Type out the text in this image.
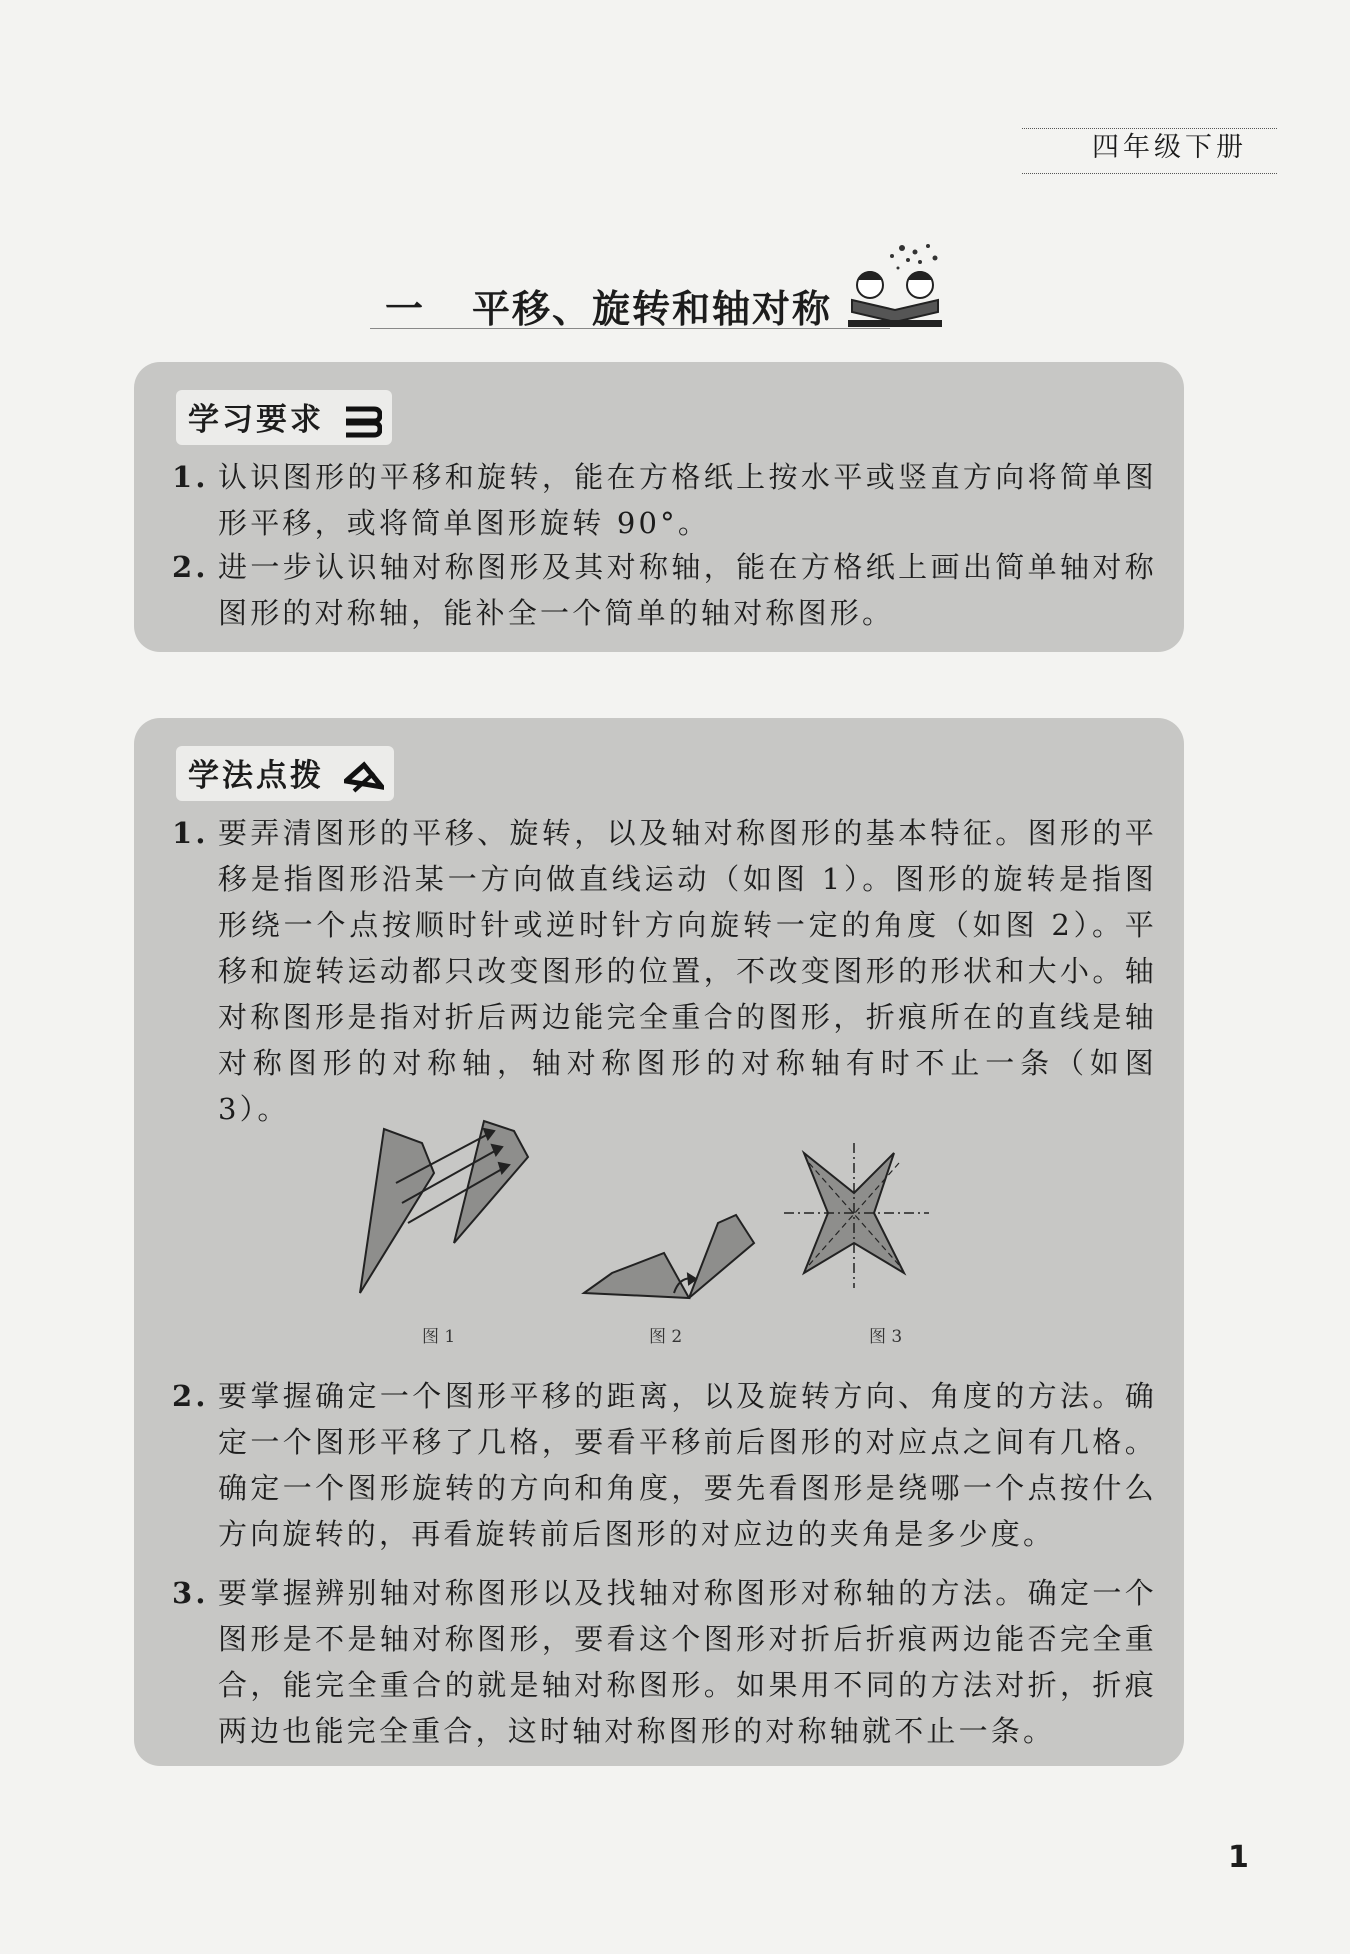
四年级下册
一 平移、旋转和轴对称
学习要求
1. 认识图形的平移和旋转，能在方格纸上按水平或竖直方向将简单图形平移，或将简单图形旋转 90°。
2. 进一步认识轴对称图形及其对称轴，能在方格纸上画出简单轴对称图形的对称轴，能补全一个简单的轴对称图形。
学法点拨
1. 要弄清图形的平移、旋转，以及轴对称图形的基本特征。图形的平移是指图形沿某一方向做直线运动（如图 1）。图形的旋转是指图形绕一个点按顺时针或逆时针方向旋转一定的角度（如图 2）。平移和旋转运动都只改变图形的位置，不改变图形的形状和大小。轴对称图形是指对折后两边能完全重合的图形，折痕所在的直线是轴对称图形的对称轴，轴对称图形的对称轴有时不止一条（如图 3）。
图 1	图 2	图 3
2. 要掌握确定一个图形平移的距离，以及旋转方向、角度的方法。确定一个图形平移了几格，要看平移前后图形的对应点之间有几格。确定一个图形旋转的方向和角度，要先看图形是绕哪一个点按什么方向旋转的，再看旋转前后图形的对应边的夹角是多少度。
3. 要掌握辨别轴对称图形以及找轴对称图形对称轴的方法。确定一个图形是不是轴对称图形，要看这个图形对折后折痕两边能否完全重合，能完全重合的就是轴对称图形。如果用不同的方法对折，折痕两边也能完全重合，这时轴对称图形的对称轴就不止一条。
1
